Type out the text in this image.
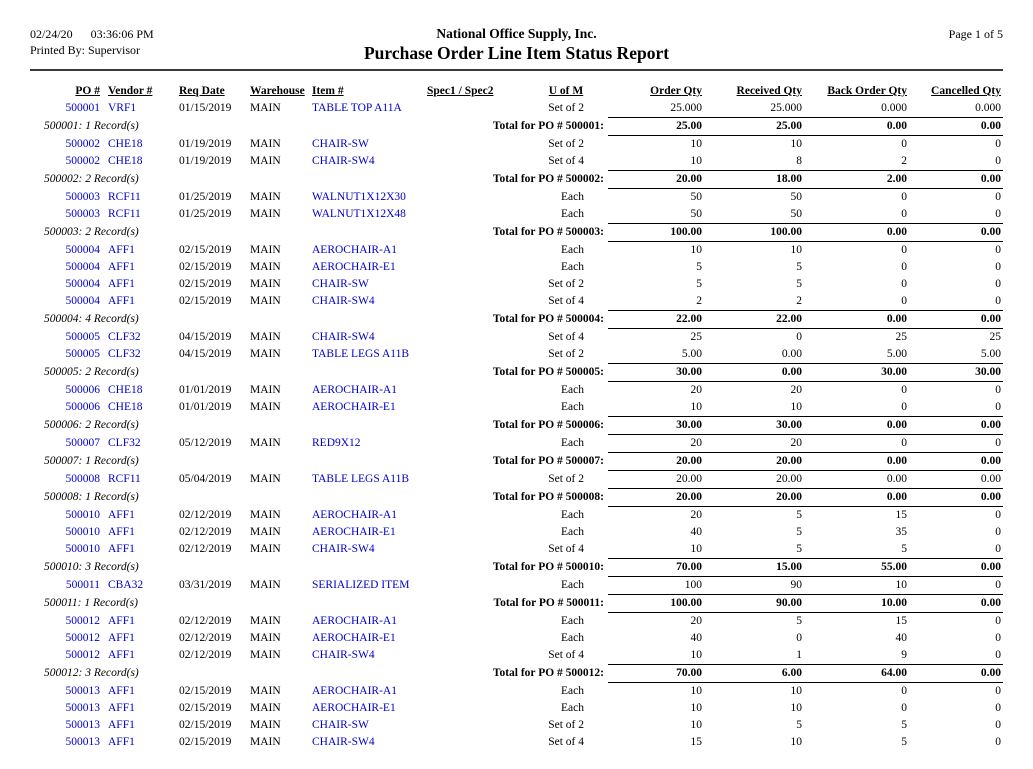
02/24/20 03:36:06 PM
Printed By: Supervisor
National Office Supply, Inc.
Purchase Order Line Item Status Report
Page 1 of 5
PO #	Vendor #	Req Date	Warehouse	Item #	Spec1 / Spec2	U of M	Order Qty	Received Qty	Back Order Qty	Cancelled Qty
500001	VRF1	01/15/2019	MAIN	TABLE TOP A11A		Set of 2	25.000	25.000	0.000	0.000
500001: 1 Record(s)				Total for PO # 500001:			25.00	25.00	0.00	0.00
500002	CHE18	01/19/2019	MAIN	CHAIR-SW		Set of 2	10	10	0	0
500002	CHE18	01/19/2019	MAIN	CHAIR-SW4		Set of 4	10	8	2	0
500002: 2 Record(s)				Total for PO # 500002:			20.00	18.00	2.00	0.00
500003	RCF11	01/25/2019	MAIN	WALNUT1X12X30		Each	50	50	0	0
500003	RCF11	01/25/2019	MAIN	WALNUT1X12X48		Each	50	50	0	0
500003: 2 Record(s)				Total for PO # 500003:			100.00	100.00	0.00	0.00
500004	AFF1	02/15/2019	MAIN	AEROCHAIR-A1		Each	10	10	0	0
500004	AFF1	02/15/2019	MAIN	AEROCHAIR-E1		Each	5	5	0	0
500004	AFF1	02/15/2019	MAIN	CHAIR-SW		Set of 2	5	5	0	0
500004	AFF1	02/15/2019	MAIN	CHAIR-SW4		Set of 4	2	2	0	0
500004: 4 Record(s)				Total for PO # 500004:			22.00	22.00	0.00	0.00
500005	CLF32	04/15/2019	MAIN	CHAIR-SW4		Set of 4	25	0	25	25
500005	CLF32	04/15/2019	MAIN	TABLE LEGS A11B		Set of 2	5.00	0.00	5.00	5.00
500005: 2 Record(s)				Total for PO # 500005:			30.00	0.00	30.00	30.00
500006	CHE18	01/01/2019	MAIN	AEROCHAIR-A1		Each	20	20	0	0
500006	CHE18	01/01/2019	MAIN	AEROCHAIR-E1		Each	10	10	0	0
500006: 2 Record(s)				Total for PO # 500006:			30.00	30.00	0.00	0.00
500007	CLF32	05/12/2019	MAIN	RED9X12		Each	20	20	0	0
500007: 1 Record(s)				Total for PO # 500007:			20.00	20.00	0.00	0.00
500008	RCF11	05/04/2019	MAIN	TABLE LEGS A11B		Set of 2	20.00	20.00	0.00	0.00
500008: 1 Record(s)				Total for PO # 500008:			20.00	20.00	0.00	0.00
500010	AFF1	02/12/2019	MAIN	AEROCHAIR-A1		Each	20	5	15	0
500010	AFF1	02/12/2019	MAIN	AEROCHAIR-E1		Each	40	5	35	0
500010	AFF1	02/12/2019	MAIN	CHAIR-SW4		Set of 4	10	5	5	0
500010: 3 Record(s)				Total for PO # 500010:			70.00	15.00	55.00	0.00
500011	CBA32	03/31/2019	MAIN	SERIALIZED ITEM		Each	100	90	10	0
500011: 1 Record(s)				Total for PO # 500011:			100.00	90.00	10.00	0.00
500012	AFF1	02/12/2019	MAIN	AEROCHAIR-A1		Each	20	5	15	0
500012	AFF1	02/12/2019	MAIN	AEROCHAIR-E1		Each	40	0	40	0
500012	AFF1	02/12/2019	MAIN	CHAIR-SW4		Set of 4	10	1	9	0
500012: 3 Record(s)				Total for PO # 500012:			70.00	6.00	64.00	0.00
500013	AFF1	02/15/2019	MAIN	AEROCHAIR-A1		Each	10	10	0	0
500013	AFF1	02/15/2019	MAIN	AEROCHAIR-E1		Each	10	10	0	0
500013	AFF1	02/15/2019	MAIN	CHAIR-SW		Set of 2	10	5	5	0
500013	AFF1	02/15/2019	MAIN	CHAIR-SW4		Set of 4	15	10	5	0
